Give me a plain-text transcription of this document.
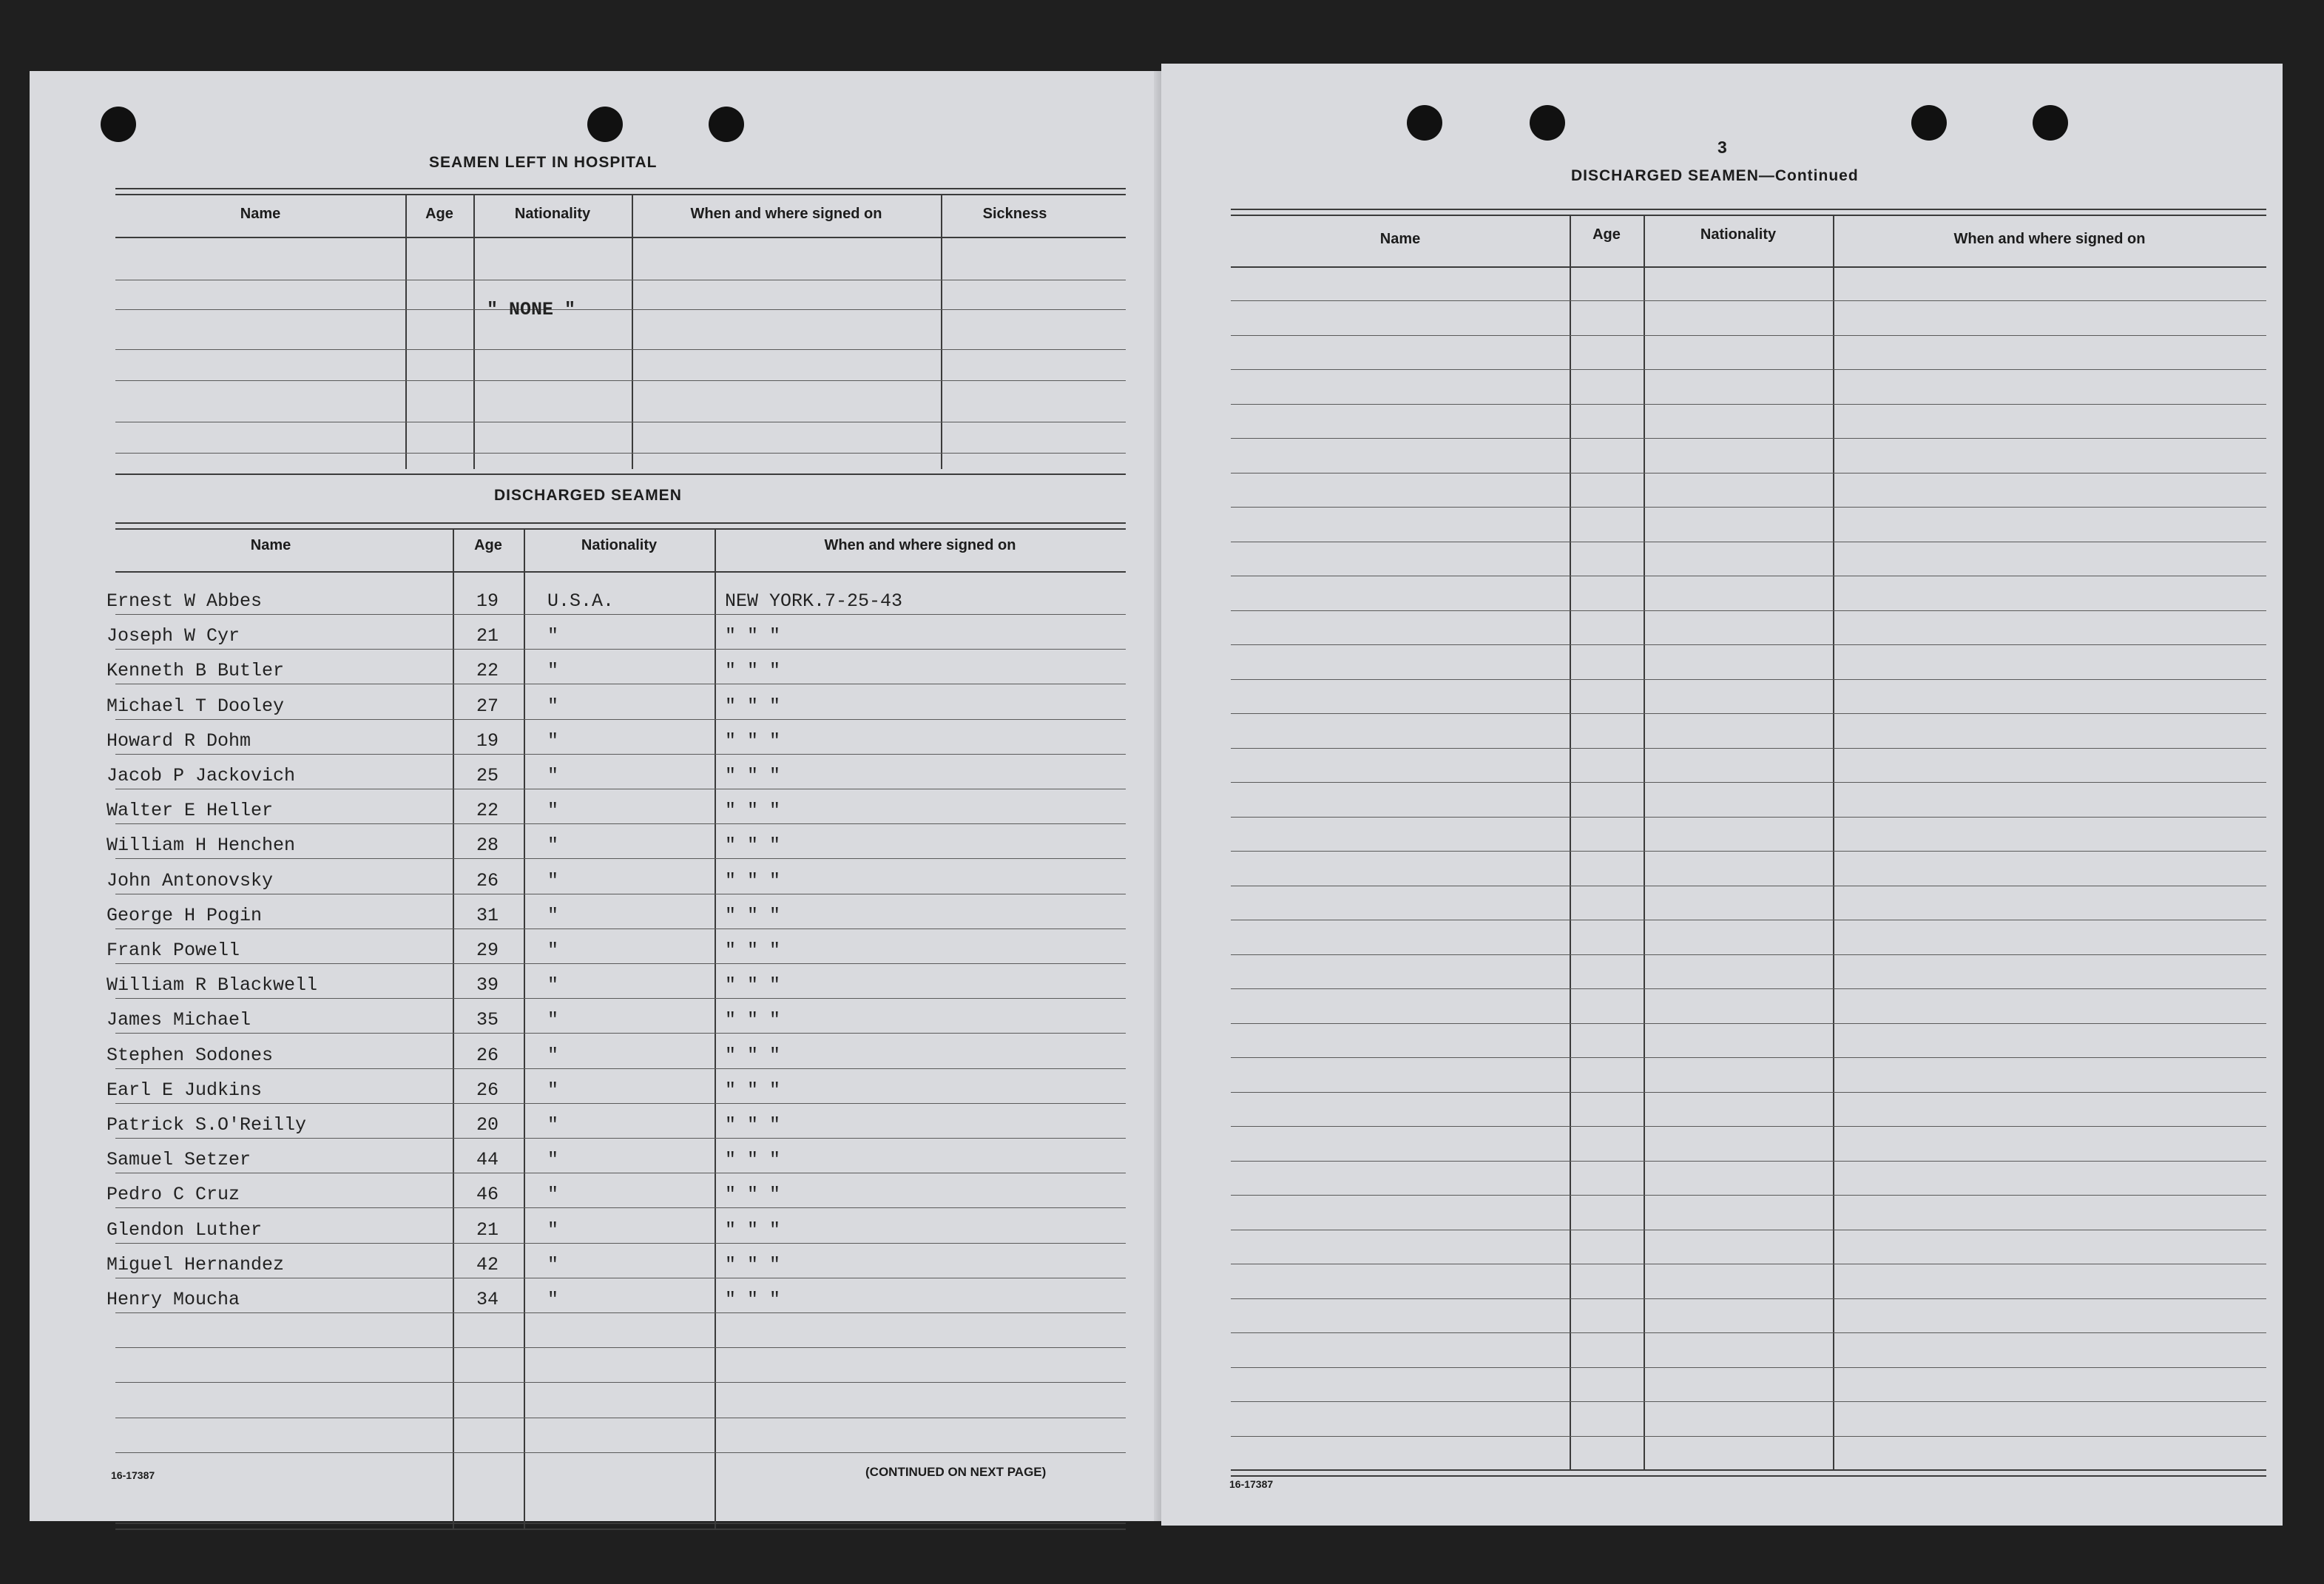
SEAMEN LEFT IN HOSPITAL
Name	Age	Nationality	When and where signed on	Sickness
" NONE "
DISCHARGED SEAMEN
Name	Age	Nationality	When and where signed on
Ernest W Abbes	19	U.S.A.	NEW YORK.7-25-43
Joseph W Cyr	21	"	" " "
Kenneth B Butler	22	"	" " "
Michael T Dooley	27	"	" " "
Howard R Dohm	19	"	" " "
Jacob P Jackovich	25	"	" " "
Walter E Heller	22	"	" " "
William H Henchen	28	"	" " "
John Antonovsky	26	"	" " "
George H Pogin	31	"	" " "
Frank Powell	29	"	" " "
William R Blackwell	39	"	" " "
James Michael	35	"	" " "
Stephen Sodones	26	"	" " "
Earl E Judkins	26	"	" " "
Patrick S.O'Reilly	20	"	" " "
Samuel Setzer	44	"	" " "
Pedro C Cruz	46	"	" " "
Glendon Luther	21	"	" " "
Miguel Hernandez	42	"	" " "
Henry Moucha	34	"	" " "
16-17387	(CONTINUED ON NEXT PAGE)
3
DISCHARGED SEAMEN—Continued
Name	Age	Nationality	When and where signed on
16-17387
